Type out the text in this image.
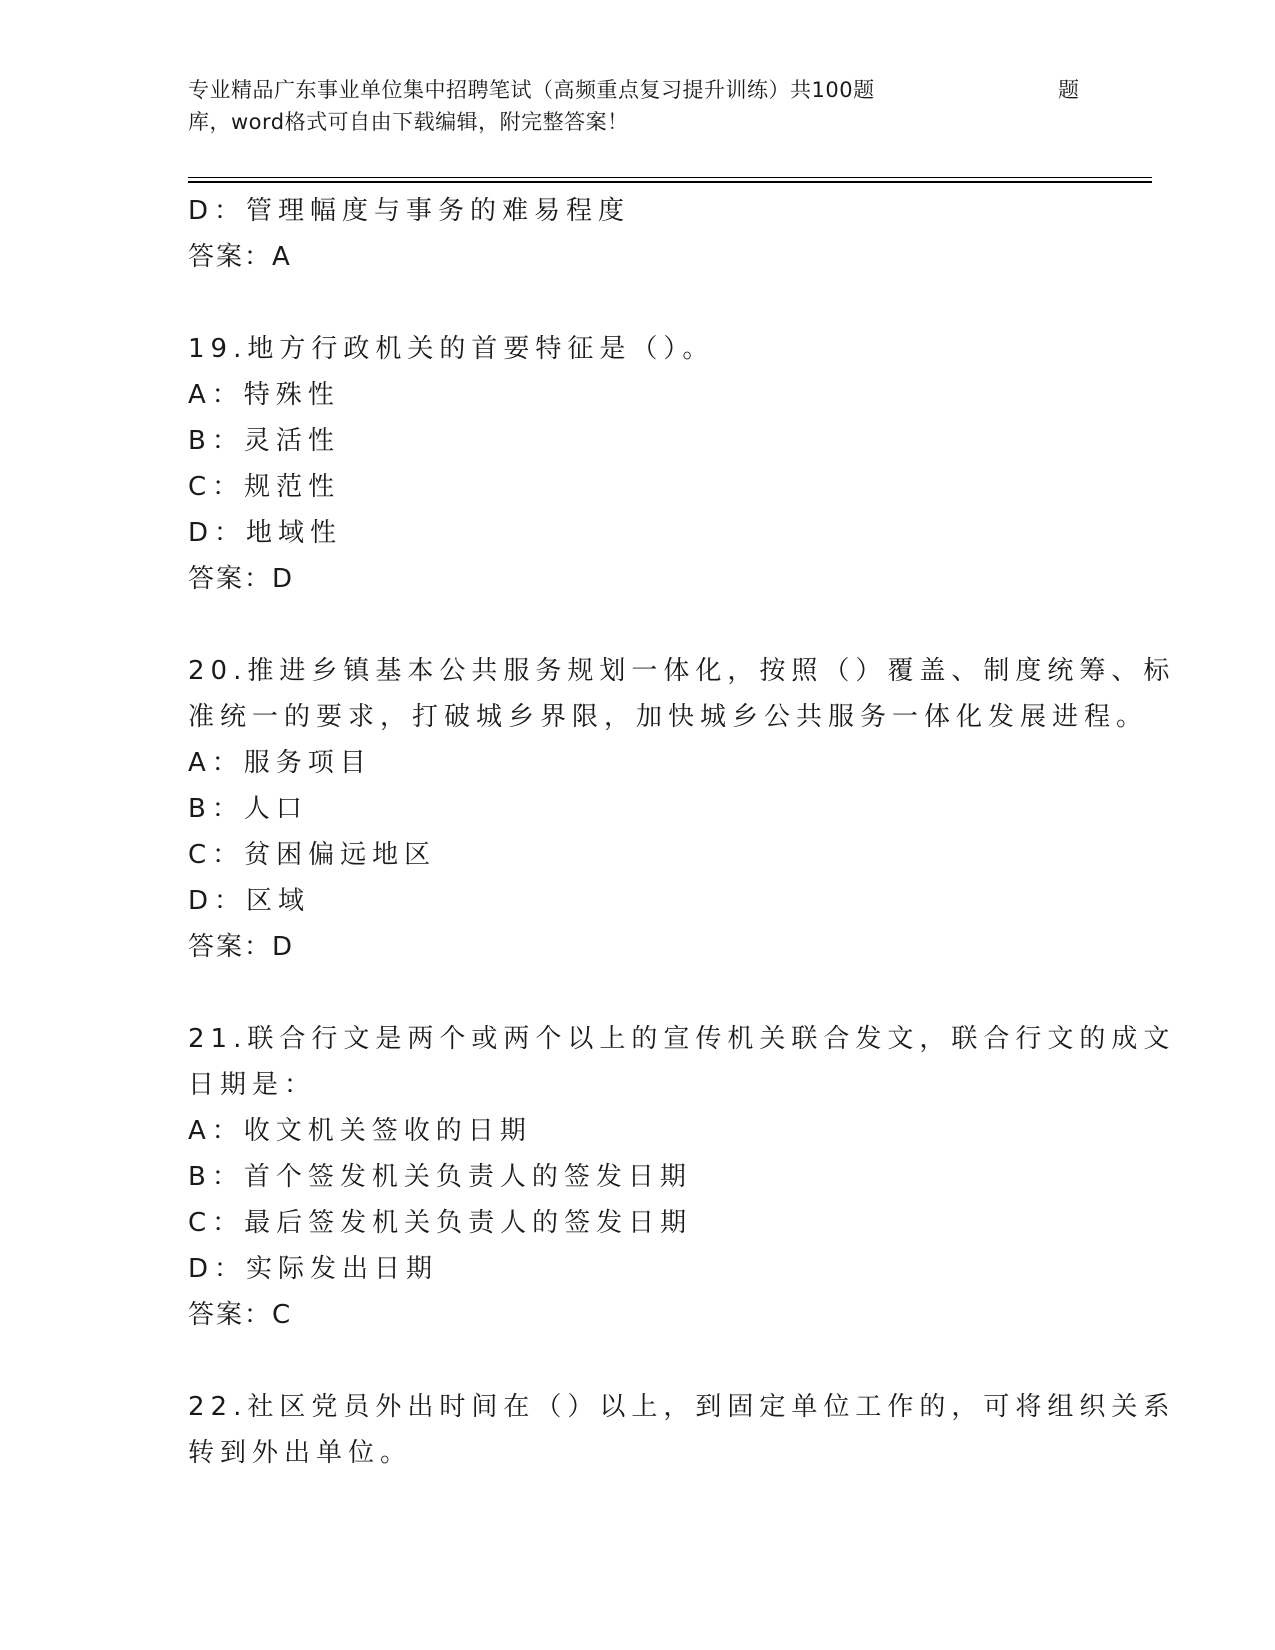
专业精品广东事业单位集中招聘笔试（高频重点复习提升训练）共100题	题
库，word格式可自由下载编辑，附完整答案！
D：管理幅度与事务的难易程度
答案：A
19.地方行政机关的首要特征是（）。
A：特殊性
B：灵活性
C：规范性
D：地域性
答案：D
20.推进乡镇基本公共服务规划一体化，按照（）覆盖、制度统筹、标
准统一的要求，打破城乡界限，加快城乡公共服务一体化发展进程。
A：服务项目
B：人口
C：贫困偏远地区
D：区域
答案：D
21.联合行文是两个或两个以上的宣传机关联合发文，联合行文的成文
日期是：
A：收文机关签收的日期
B：首个签发机关负责人的签发日期
C：最后签发机关负责人的签发日期
D：实际发出日期
答案：C
22.社区党员外出时间在（）以上，到固定单位工作的，可将组织关系
转到外出单位。
